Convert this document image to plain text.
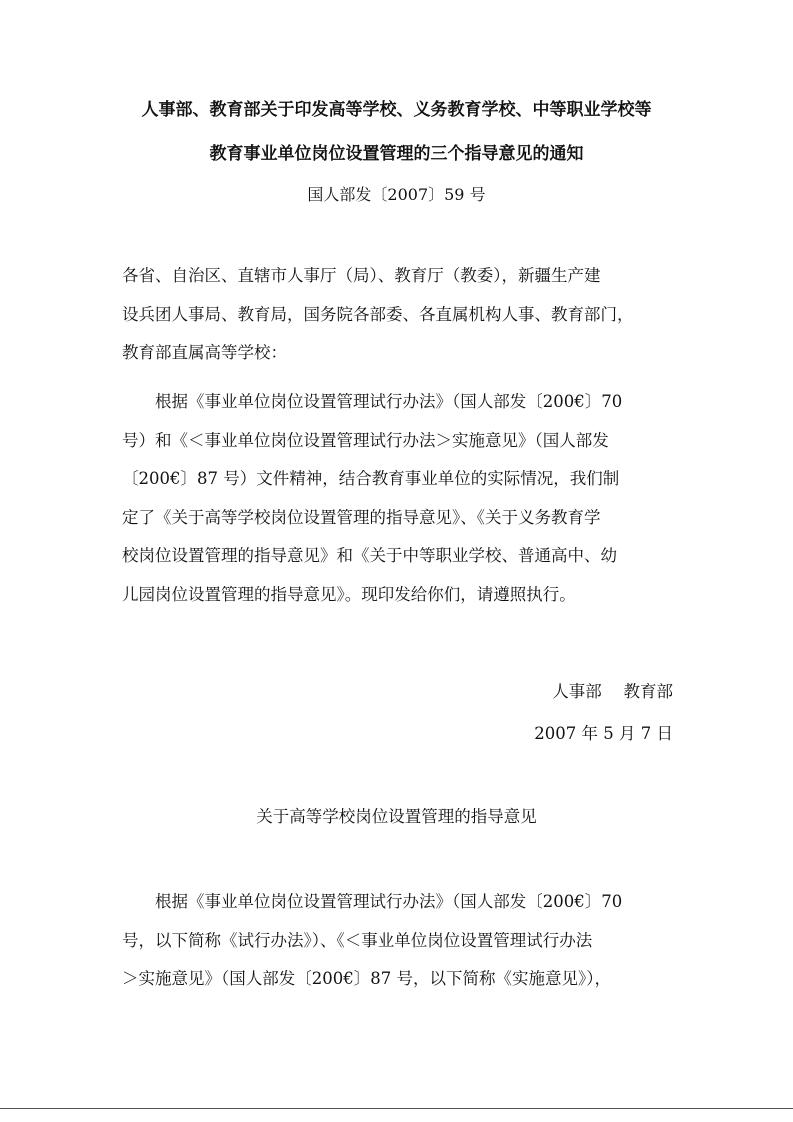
人事部、教育部关于印发高等学校、义务教育学校、中等职业学校等
教育事业单位岗位设置管理的三个指导意见的通知

国人部发〔2007〕59 号

各省、自治区、直辖市人事厅（局）、教育厅（教委），新疆生产建
设兵团人事局、教育局，国务院各部委、各直属机构人事、教育部门，
教育部直属高等学校：
　　根据《事业单位岗位设置管理试行办法》（国人部发〔200€〕70
号）和《＜事业单位岗位设置管理试行办法＞实施意见》（国人部发
〔200€〕87 号）文件精神，结合教育事业单位的实际情况，我们制
定了《关于高等学校岗位设置管理的指导意见》、《关于义务教育学
校岗位设置管理的指导意见》和《关于中等职业学校、普通高中、幼
儿园岗位设置管理的指导意见》。现印发给你们，请遵照执行。

人事部　 教育部

2007 年 5 月 7 日

关于高等学校岗位设置管理的指导意见

　　根据《事业单位岗位设置管理试行办法》（国人部发〔200€〕70
号，以下简称《试行办法》）、《＜事业单位岗位设置管理试行办法
＞实施意见》（国人部发〔200€〕87 号，以下简称《实施意见》），
